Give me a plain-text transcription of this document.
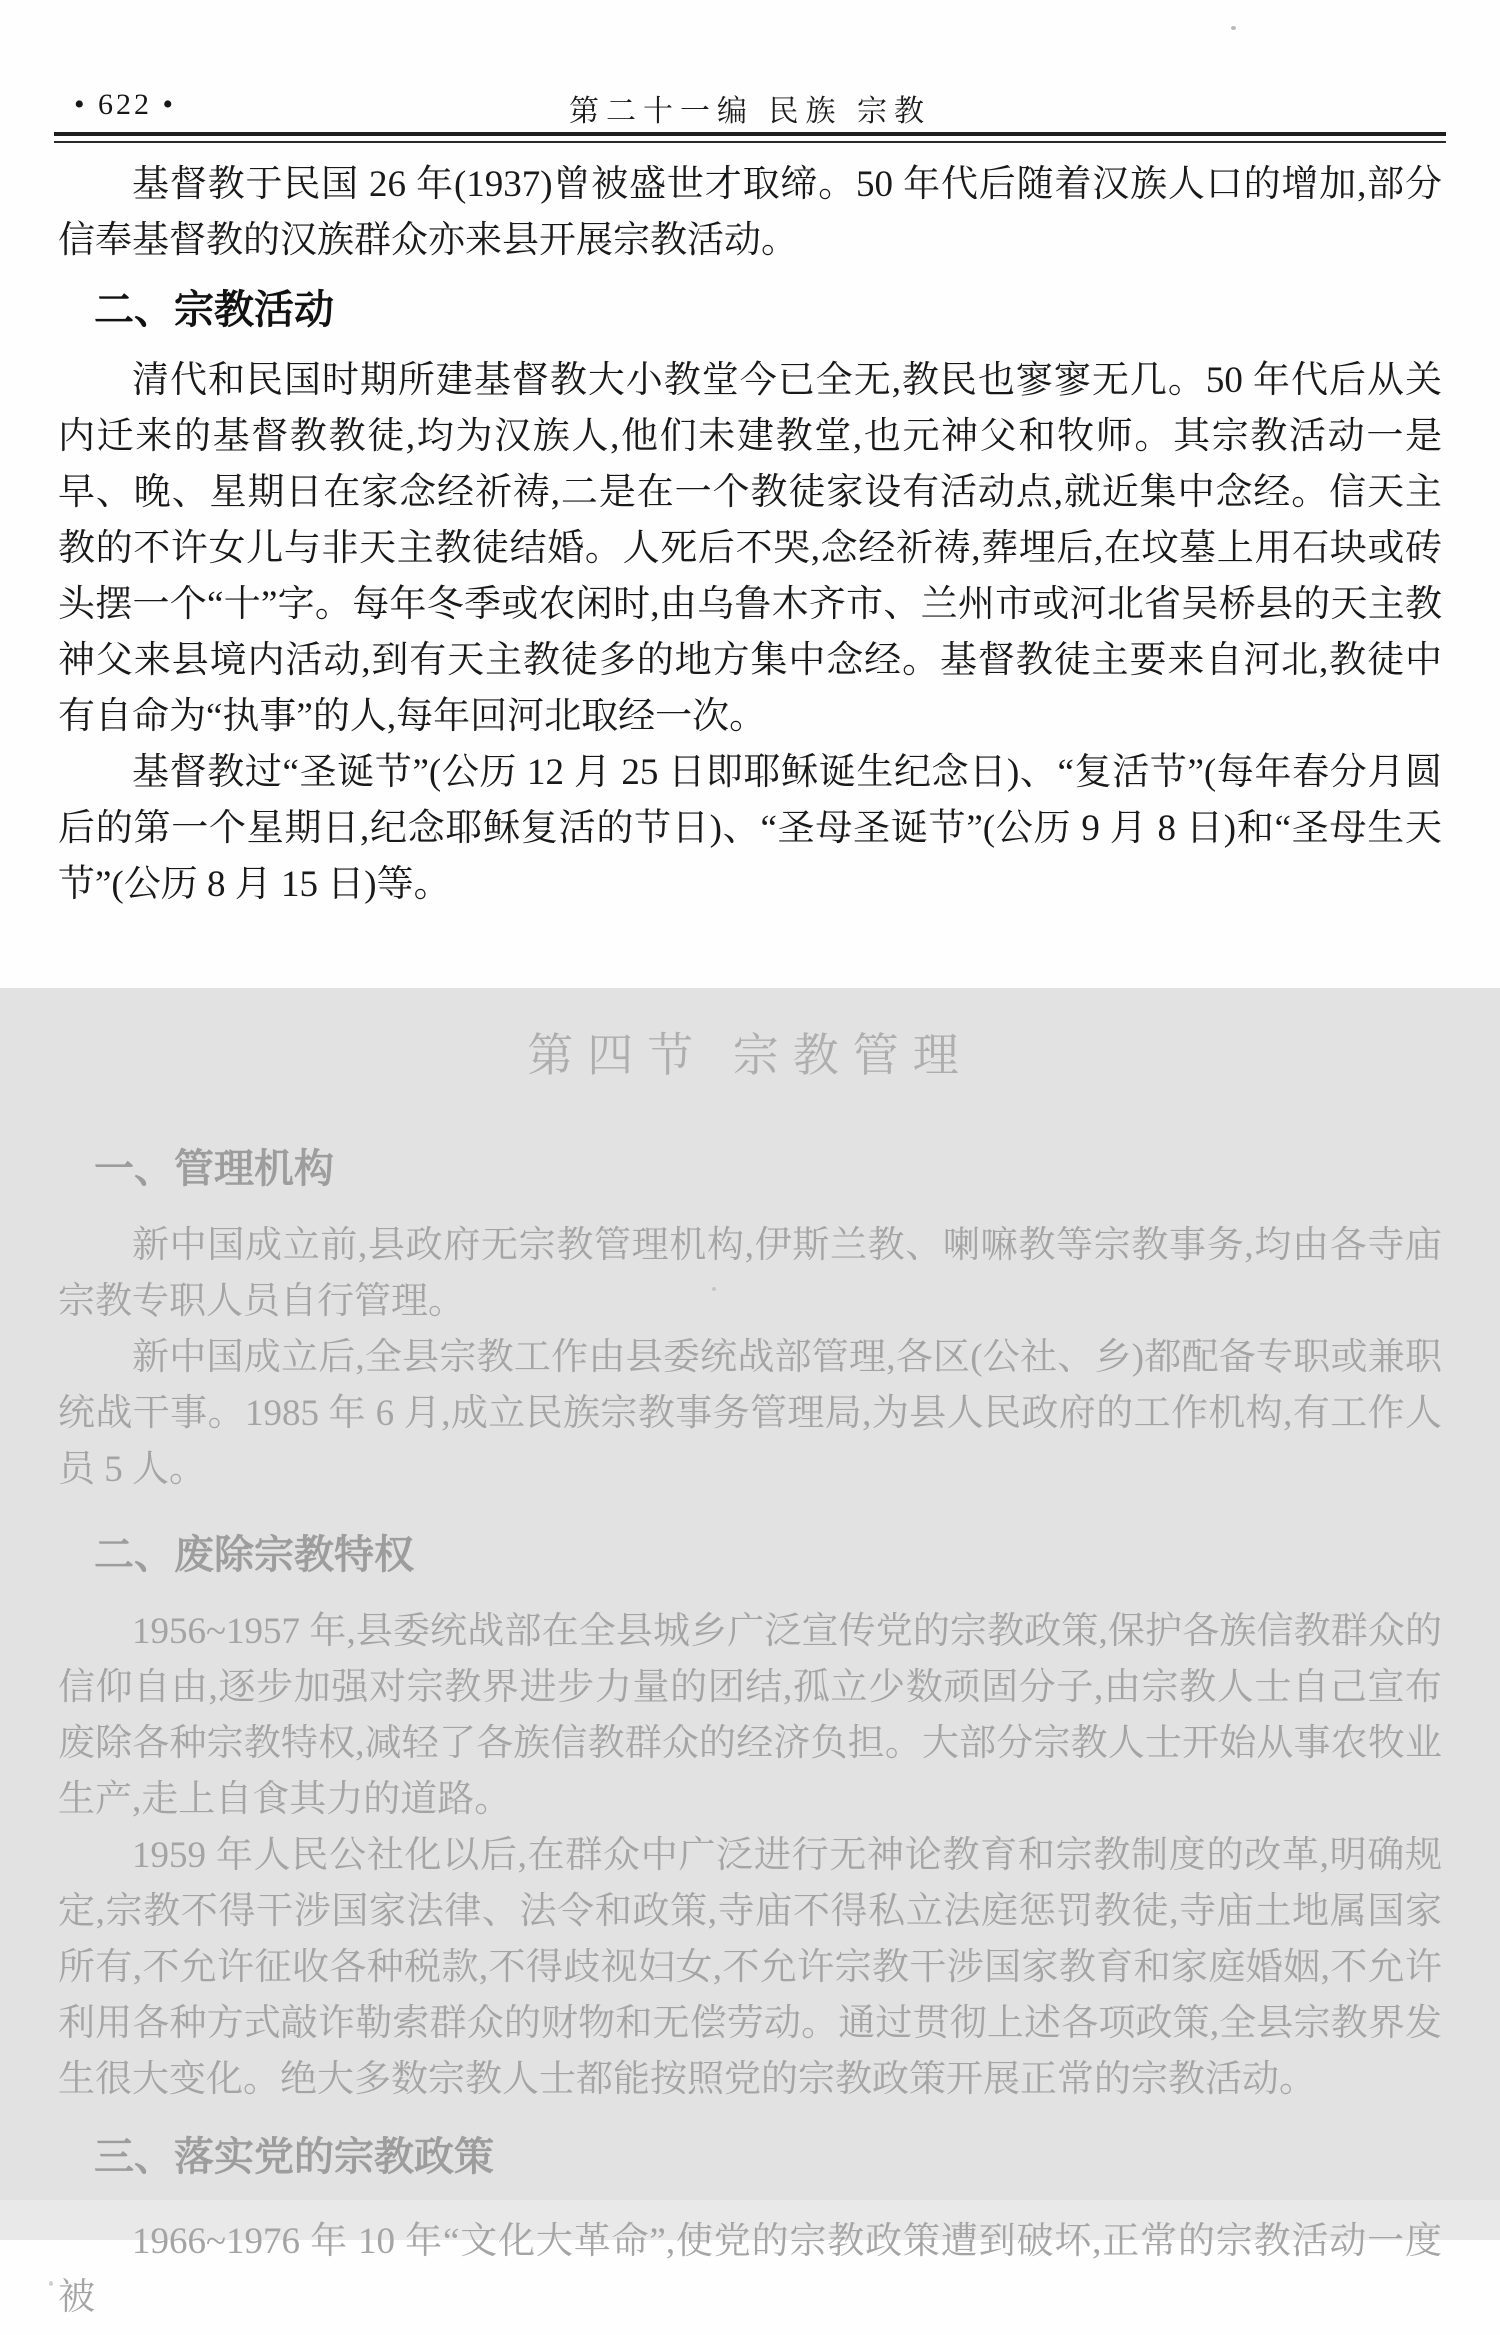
• 622 •	第二十一编 民族 宗教

基督教于民国 26 年(1937)曾被盛世才取缔。50 年代后随着汉族人口的增加,部分信奉基督教的汉族群众亦来县开展宗教活动。

二、宗教活动

清代和民国时期所建基督教大小教堂今已全无,教民也寥寥无几。50 年代后从关内迁来的基督教教徒,均为汉族人,他们未建教堂,也元神父和牧师。其宗教活动一是早、晚、星期日在家念经祈祷,二是在一个教徒家设有活动点,就近集中念经。信天主教的不许女儿与非天主教徒结婚。人死后不哭,念经祈祷,葬埋后,在坟墓上用石块或砖头摆一个“十”字。每年冬季或农闲时,由乌鲁木齐市、兰州市或河北省吴桥县的天主教神父来县境内活动,到有天主教徒多的地方集中念经。基督教徒主要来自河北,教徒中有自命为“执事”的人,每年回河北取经一次。

基督教过“圣诞节”(公历 12 月 25 日即耶稣诞生纪念日)、“复活节”(每年春分月圆后的第一个星期日,纪念耶稣复活的节日)、“圣母圣诞节”(公历 9 月 8 日)和“圣母生天节”(公历 8 月 15 日)等。

第四节 宗教管理
一、管理机构

新中国成立前,县政府无宗教管理机构,伊斯兰教、喇嘛教等宗教事务,均由各寺庙宗教专职人员自行管理。

新中国成立后,全县宗教工作由县委统战部管理,各区(公社、乡)都配备专职或兼职统战干事。1985 年 6 月,成立民族宗教事务管理局,为县人民政府的工作机构,有工作人员 5 人。

二、废除宗教特权

1956~1957 年,县委统战部在全县城乡广泛宣传党的宗教政策,保护各族信教群众的信仰自由,逐步加强对宗教界进步力量的团结,孤立少数顽固分子,由宗教人士自己宣布废除各种宗教特权,减轻了各族信教群众的经济负担。大部分宗教人士开始从事农牧业生产,走上自食其力的道路。

1959 年人民公社化以后,在群众中广泛进行无神论教育和宗教制度的改革,明确规定,宗教不得干涉国家法律、法令和政策,寺庙不得私立法庭惩罚教徒,寺庙土地属国家所有,不允许征收各种税款,不得歧视妇女,不允许宗教干涉国家教育和家庭婚姻,不允许利用各种方式敲诈勒索群众的财物和无偿劳动。通过贯彻上述各项政策,全县宗教界发生很大变化。绝大多数宗教人士都能按照党的宗教政策开展正常的宗教活动。

三、落实党的宗教政策

1966~1976 年 10 年“文化大革命”,使党的宗教政策遭到破坏,正常的宗教活动一度被
